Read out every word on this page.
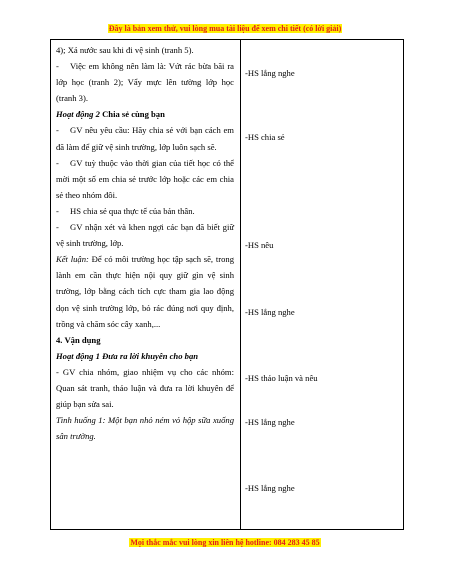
Đây là bản xem thử, vui lòng mua tài liệu để xem chi tiết (có lời giải)

4); Xả nước sau khi đi vệ sinh (tranh 5).

- Việc em không nên làm là: Vứt rác bừa bãi ra lớp học (tranh 2); Vẩy mực lên tường lớp học (tranh 3).

Hoạt động 2 Chia sẻ cùng bạn

- GV nêu yêu cầu: Hãy chia sẻ với bạn cách em đã làm để giữ vệ sinh trường, lớp luôn sạch sẽ.

- GV tuỳ thuộc vào thời gian của tiết học có thể mời một số em chia sẻ trước lớp hoặc các em chia sẻ theo nhóm đôi.

- HS chia sẻ qua thực tế của bản thân.

- GV nhận xét và khen ngợi các bạn đã biết giữ vệ sinh trường, lớp.

Kết luận: Để có môi trường học tập sạch sẽ, trong lành em cần thực hiện nội quy giữ gìn vệ sinh trường, lớp bằng cách tích cực tham gia lao động dọn vệ sinh trường lớp, bỏ rác đúng nơi quy định, trồng và chăm sóc cây xanh,...

4. Vận dụng

Hoạt động 1 Đưa ra lời khuyên cho bạn

- GV chia nhóm, giao nhiệm vụ cho các nhóm: Quan sát tranh, thảo luận và đưa ra lời khuyên để giúp bạn sửa sai.

Tình huống 1: Một bạn nhỏ ném vỏ hộp sữa xuống sân trường.

-HS lắng nghe
-HS chia sẻ
-HS nêu
-HS lắng nghe
-HS thảo luận và nêu
-HS lắng nghe
-HS lắng nghe
Mọi thắc mắc vui lòng xin liên hệ hotline: 084 283 45 85
